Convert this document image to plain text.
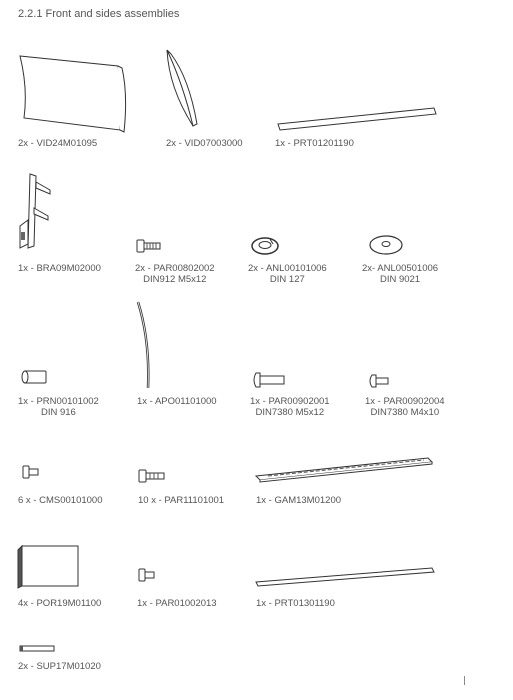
2.2.1 Front and sides assemblies
2x - VID24M01095	2x - VID07003000	1x - PRT01201190
1x - BRA09M02000	2x - PAR00802002
DIN912 M5x12
2x - ANL00101006
DIN 127
2x- ANL00501006
DIN 9021
1x - PRN00101002
DIN 916
1x - APO01101000	1x - PAR00902001
DIN7380 M5x12
1x - PAR00902004
DIN7380 M4x10
6 x - CMS00101000	10 x - PAR11101001	1x - GAM13M01200
4x - POR19M01100	1x - PAR01002013	1x - PRT01301190
2x - SUP17M01020
